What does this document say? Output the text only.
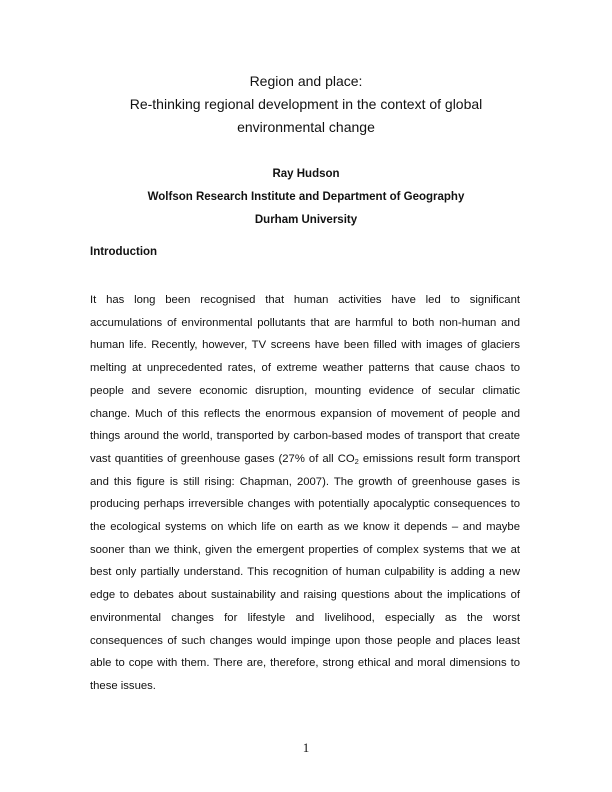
Region and place:
Re-thinking regional development in the context of global
environmental change
Ray Hudson
Wolfson Research Institute and Department of Geography
Durham University
Introduction

It has long been recognised that human activities have led to significant accumulations of environmental pollutants that are harmful to both non-human and human life. Recently, however, TV screens have been filled with images of glaciers melting at unprecedented rates, of extreme weather patterns that cause chaos to people and severe economic disruption, mounting evidence of secular climatic change. Much of this reflects the enormous expansion of movement of people and things around the world, transported by carbon-based modes of transport that create vast quantities of greenhouse gases (27% of all $CO_2$ emissions result form transport and this figure is still rising: Chapman, 2007). The growth of greenhouse gases is producing perhaps irreversible changes with potentially apocalyptic consequences to the ecological systems on which life on earth as we know it depends – and maybe sooner than we think, given the emergent properties of complex systems that we at best only partially understand. This recognition of human culpability is adding a new edge to debates about sustainability and raising questions about the implications of environmental changes for lifestyle and livelihood, especially as the worst consequences of such changes would impinge upon those people and places least able to cope with them. There are, therefore, strong ethical and moral dimensions to these issues.

1
